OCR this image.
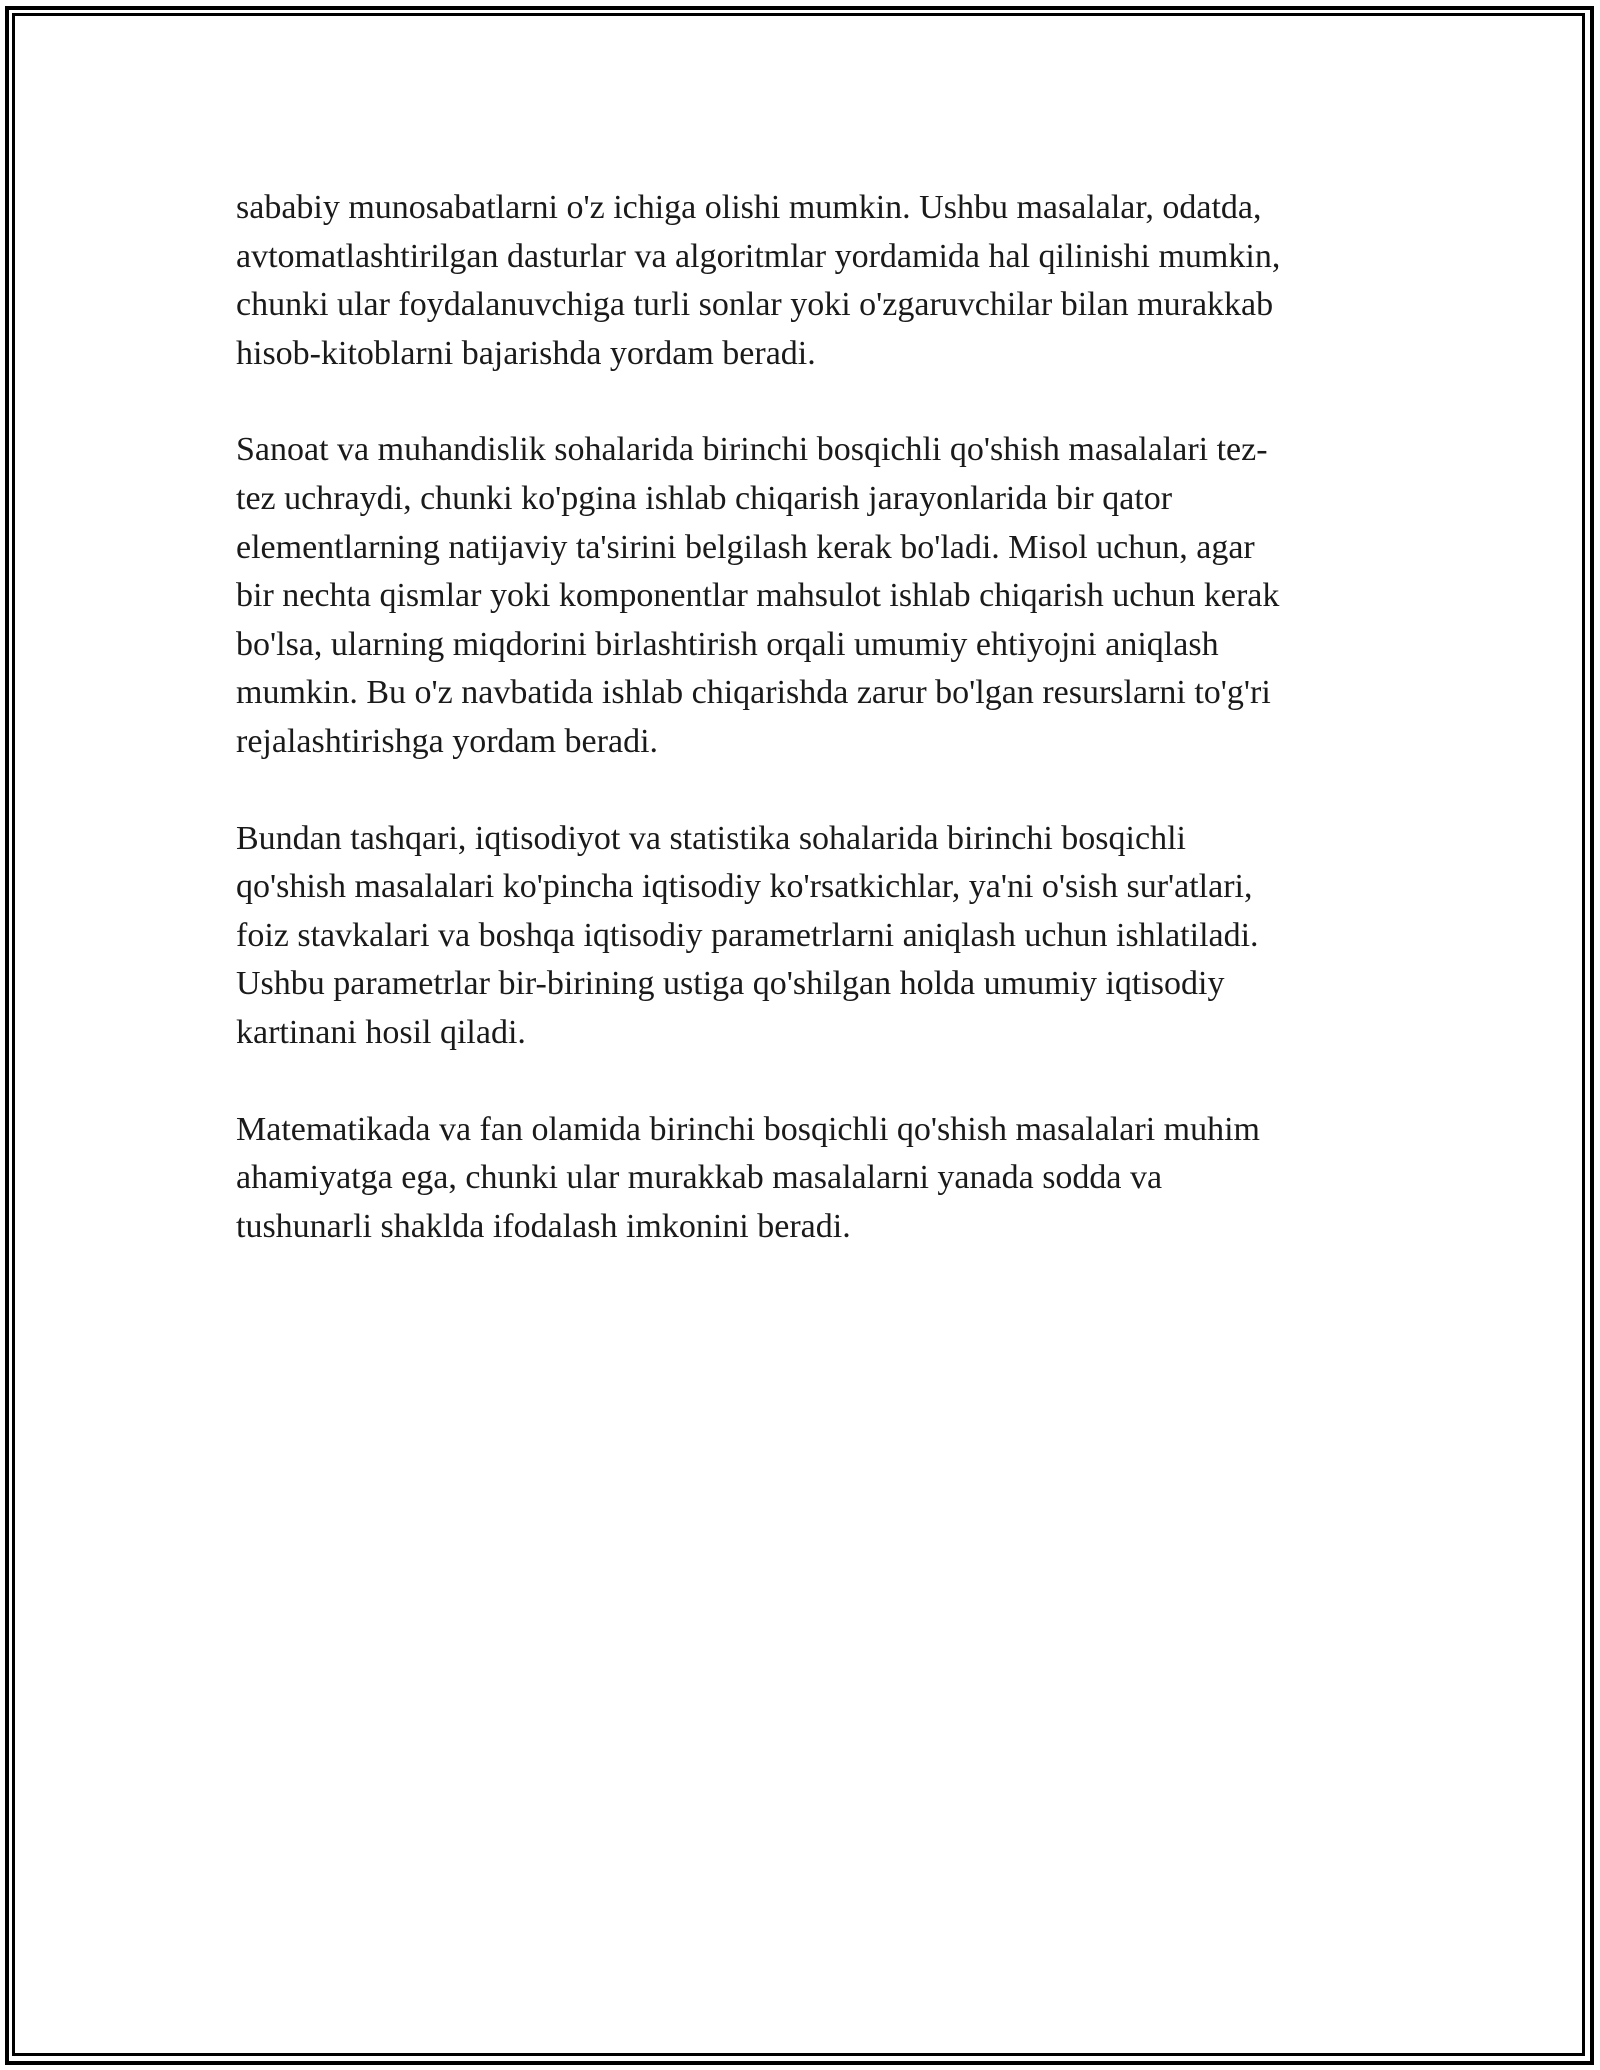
sababiy munosabatlarni o'z ichiga olishi mumkin. Ushbu masalalar, odatda,
avtomatlashtirilgan dasturlar va algoritmlar yordamida hal qilinishi mumkin,
chunki ular foydalanuvchiga turli sonlar yoki o'zgaruvchilar bilan murakkab
hisob-kitoblarni bajarishda yordam beradi.

Sanoat va muhandislik sohalarida birinchi bosqichli qo'shish masalalari tez-
tez uchraydi, chunki ko'pgina ishlab chiqarish jarayonlarida bir qator
elementlarning natijaviy ta'sirini belgilash kerak bo'ladi. Misol uchun, agar
bir nechta qismlar yoki komponentlar mahsulot ishlab chiqarish uchun kerak
bo'lsa, ularning miqdorini birlashtirish orqali umumiy ehtiyojni aniqlash
mumkin. Bu o'z navbatida ishlab chiqarishda zarur bo'lgan resurslarni to'g'ri
rejalashtirishga yordam beradi.

Bundan tashqari, iqtisodiyot va statistika sohalarida birinchi bosqichli
qo'shish masalalari ko'pincha iqtisodiy ko'rsatkichlar, ya'ni o'sish sur'atlari,
foiz stavkalari va boshqa iqtisodiy parametrlarni aniqlash uchun ishlatiladi.
Ushbu parametrlar bir-birining ustiga qo'shilgan holda umumiy iqtisodiy
kartinani hosil qiladi.

Matematikada va fan olamida birinchi bosqichli qo'shish masalalari muhim
ahamiyatga ega, chunki ular murakkab masalalarni yanada sodda va
tushunarli shaklda ifodalash imkonini beradi.
